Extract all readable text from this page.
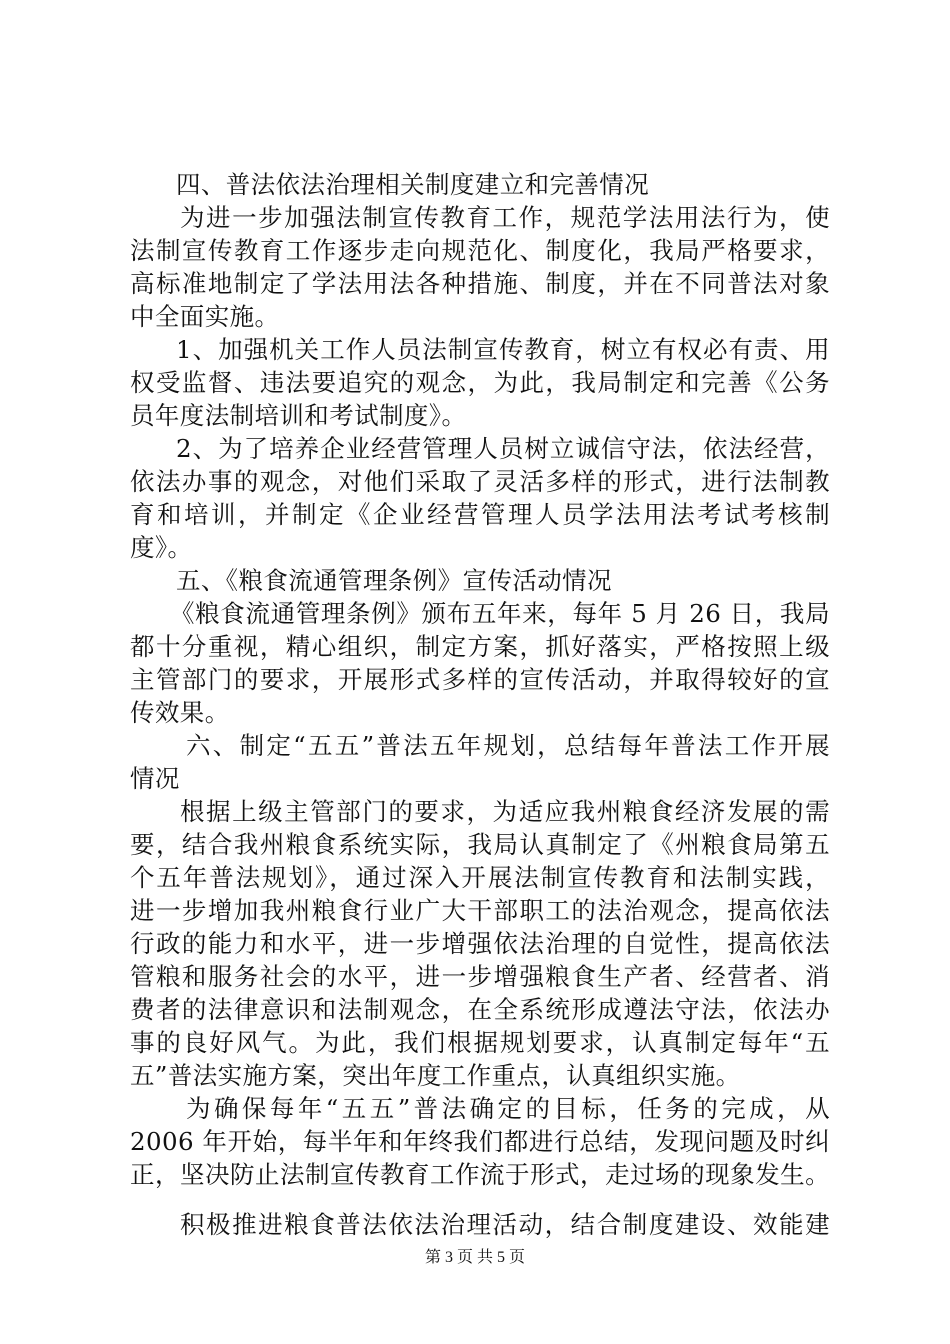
四、普法依法治理相关制度建立和完善情况
为进一步加强法制宣传教育工作，规范学法用法行为，使
法制宣传教育工作逐步走向规范化、制度化，我局严格要求，
高标准地制定了学法用法各种措施、制度，并在不同普法对象
中全面实施。
1、加强机关工作人员法制宣传教育，树立有权必有责、用
权受监督、违法要追究的观念，为此，我局制定和完善《公务
员年度法制培训和考试制度》。
2、为了培养企业经营管理人员树立诚信守法，依法经营，
依法办事的观念，对他们采取了灵活多样的形式，进行法制教
育和培训，并制定《企业经营管理人员学法用法考试考核制
度》。
五、《粮食流通管理条例》宣传活动情况
《粮食流通管理条例》颁布五年来，每年 5 月 26 日，我局
都十分重视，精心组织，制定方案，抓好落实，严格按照上级
主管部门的要求，开展形式多样的宣传活动，并取得较好的宣
传效果。
六、制定“五五”普法五年规划，总结每年普法工作开展
情况
根据上级主管部门的要求，为适应我州粮食经济发展的需
要，结合我州粮食系统实际，我局认真制定了《州粮食局第五
个五年普法规划》，通过深入开展法制宣传教育和法制实践，
进一步增加我州粮食行业广大干部职工的法治观念，提高依法
行政的能力和水平，进一步增强依法治理的自觉性，提高依法
管粮和服务社会的水平，进一步增强粮食生产者、经营者、消
费者的法律意识和法制观念，在全系统形成遵法守法，依法办
事的良好风气。为此，我们根据规划要求，认真制定每年“五
五”普法实施方案，突出年度工作重点，认真组织实施。
为确保每年“五五”普法确定的目标，任务的完成，从
2006 年开始，每半年和年终我们都进行总结，发现问题及时纠
正，坚决防止法制宣传教育工作流于形式，走过场的现象发生。
积极推进粮食普法依法治理活动，结合制度建设、效能建
第 3 页 共 5 页
